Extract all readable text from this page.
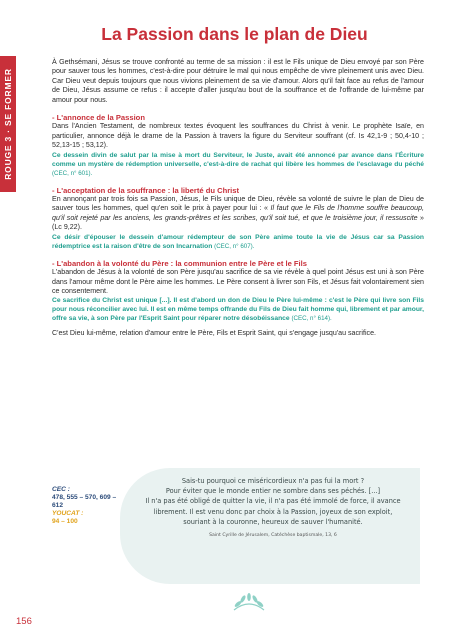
ROUGE 3 · SE FORMER
La Passion dans le plan de Dieu

À Gethsémani, Jésus se trouve confronté au terme de sa mission : il est le Fils unique de Dieu envoyé par son Père pour sauver tous les hommes, c'est-à-dire pour détruire le mal qui nous empêche de vivre pleinement unis avec Dieu. Car Dieu veut depuis toujours que nous vivions pleinement de sa vie d'amour. Alors qu'il fait face au refus de l'amour de Dieu, Jésus assume ce refus : il accepte d'aller jusqu'au bout de la souffrance et de l'offrande de lui-même par amour pour nous.

- L'annonce de la Passion

Dans l'Ancien Testament, de nombreux textes évoquent les souffrances du Christ à venir. Le prophète Isaïe, en particulier, annonce déjà le drame de la Passion à travers la figure du Serviteur souffrant (cf. Is 42,1-9 ; 50,4-10 ; 52,13-15 ; 53,12).

Ce dessein divin de salut par la mise à mort du Serviteur, le Juste, avait été annoncé par avance dans l'Écriture comme un mystère de rédemption universelle, c'est-à-dire de rachat qui libère les hommes de l'esclavage du péché (CEC, n° 601).

- L'acceptation de la souffrance : la liberté du Christ

En annonçant par trois fois sa Passion, Jésus, le Fils unique de Dieu, révèle sa volonté de suivre le plan de Dieu de sauver tous les hommes, quel qu'en soit le prix à payer pour lui : « Il faut que le Fils de l'homme souffre beaucoup, qu'il soit rejeté par les anciens, les grands-prêtres et les scribes, qu'il soit tué, et que le troisième jour, il ressuscite » (Lc 9,22).

Ce désir d'épouser le dessein d'amour rédempteur de son Père anime toute la vie de Jésus car sa Passion rédemptrice est la raison d'être de son Incarnation (CEC, n° 607).

- L'abandon à la volonté du Père : la communion entre le Père et le Fils

L'abandon de Jésus à la volonté de son Père jusqu'au sacrifice de sa vie révèle à quel point Jésus est uni à son Père dans l'amour même dont le Père aime les hommes. Le Père consent à livrer son Fils, et Jésus fait volontairement sien ce consentement.

Ce sacrifice du Christ est unique [...]. Il est d'abord un don de Dieu le Père lui-même : c'est le Père qui livre son Fils pour nous réconcilier avec lui. Il est en même temps offrande du Fils de Dieu fait homme qui, librement et par amour, offre sa vie, à son Père par l'Esprit Saint pour réparer notre désobéissance (CEC, n° 614).

C'est Dieu lui-même, relation d'amour entre le Père, Fils et Esprit Saint, qui s'engage jusqu'au sacrifice.

Sais-tu pourquoi ce miséricordieux n'a pas fui la mort ?
Pour éviter que le monde entier ne sombre dans ses péchés. [...]
Il n'a pas été obligé de quitter la vie, il n'a pas été immolé de force, il avance
librement. Il est venu donc par choix à la Passion, joyeux de son exploit,
souriant à la couronne, heureux de sauver l'humanité.
Saint Cyrille de Jérusalem, Catéchèse baptismale, 13, 6
CEC :
478, 555 – 570, 609 – 612
YOUCAT :
94 – 100
156
